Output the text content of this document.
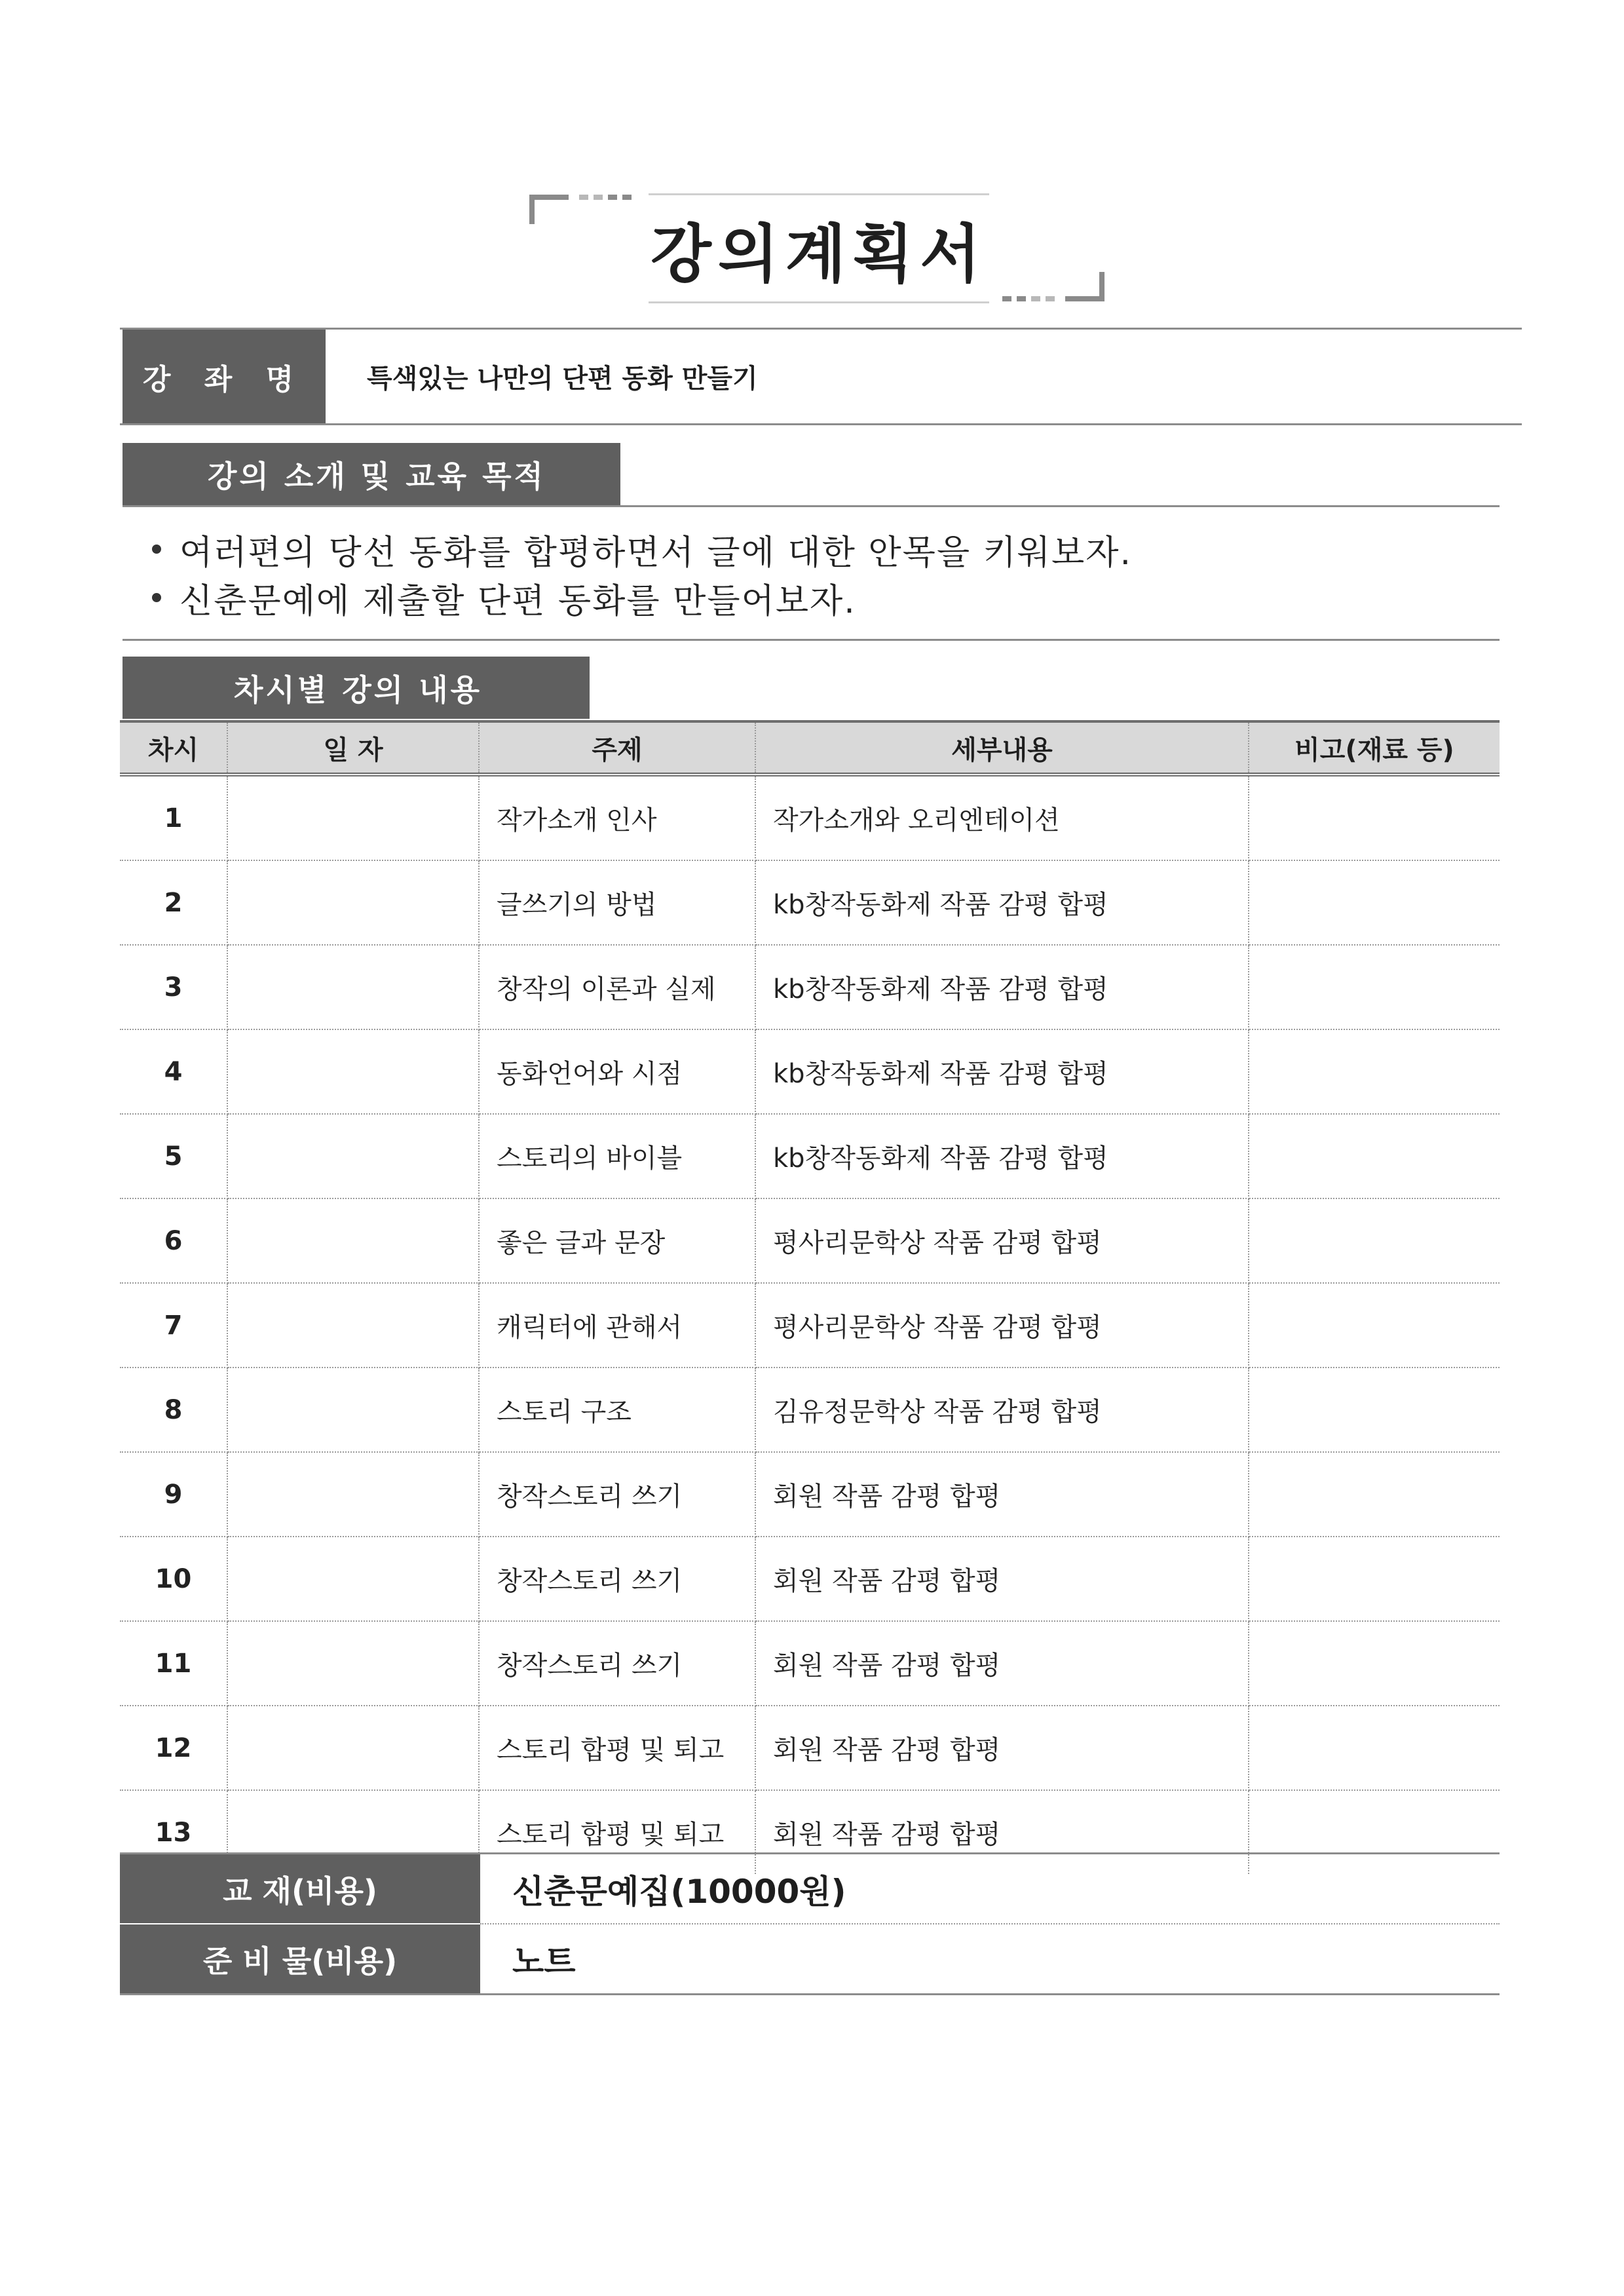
강의계획서
강 좌 명	특색있는 나만의 단편 동화 만들기
강의 소개 및 교육 목적
여러편의 당선 동화를 합평하면서 글에 대한 안목을 키워보자.
신춘문예에 제출할 단편 동화를 만들어보자.
차시별 강의 내용
차시	일 자	주제	세부내용	비고(재료 등)
1		작가소개 인사	작가소개와 오리엔테이션	
2		글쓰기의 방법	kb창작동화제 작품 감평 합평	
3		창작의 이론과 실제	kb창작동화제 작품 감평 합평	
4		동화언어와 시점	kb창작동화제 작품 감평 합평	
5		스토리의 바이블	kb창작동화제 작품 감평 합평	
6		좋은 글과 문장	평사리문학상 작품 감평 합평	
7		캐릭터에 관해서	평사리문학상 작품 감평 합평	
8		스토리 구조	김유정문학상 작품 감평 합평	
9		창작스토리 쓰기	회원 작품 감평 합평	
10		창작스토리 쓰기	회원 작품 감평 합평	
11		창작스토리 쓰기	회원 작품 감평 합평	
12		스토리 합평 및 퇴고	회원 작품 감평 합평	
13		스토리 합평 및 퇴고	회원 작품 감평 합평	
교 재(비용)	신춘문예집(10000원)
준 비 물(비용)	노트
